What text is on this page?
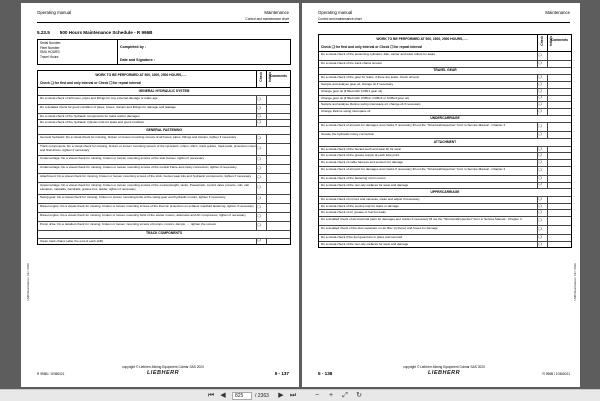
Operating manual	Maintenance
Control and maintenance chart
5.23.5 500 Hours Maintenance Schedule - R 996B
Serial Number:
Fleet Number:
SMU HOURS:
Travel Hours:
Completed by :
Date and Signature :
WORK TO BE PERFORMED AT 500, 1500, 2500 HOURS,.....
Check ❑ for first and only interval or Check ❒ for repeat interval
Check Initials
Comments
GENERAL HYDRAULIC SYSTEM
Do a visual check of all hoses, pipes and fittings for any external damage or leaks age	❑
Do a detailed check for good condition of pipes, hoses, clamps and fittings for damage and leakage	❑
Do a visual check of the hydraulic components for leaks and/or damages	❑
Do a visual check of the hydraulic cylinder rods for leaks and good condition	❑
GENERAL FASTENING
General hydraulic: Do a visual check for missing, broken or loosen mounting screws of all hoses, pipes, fittings and clamps, tighten if necessary	❑
Track components: Do a visual check for missing, broken or loosen mounting screws of the sprockets, rollers, tillers, track guides, track pads, protection covers and final drives, tighten if necessary	❑
Undercarriage: Do a visual check for missing, broken or loosen mounting screws of the side frames, tighten if necessary	❑
Undercarriage: Do a visual check for missing, broken or loosen mounting screws of the central frame and rotary connection, tighten if necessary	❑
Attachment: Do a visual check for missing, broken or loosen mounting screws of the stick, bucket wear kits and hydraulic components, tighten if necessary	❑
Uppercarriage: Do a visual check for missing, broken or loosen mounting screws of the counterweight, tanks, Powerpack, control valve console, cab, cab elevation, catwalks, handrails, grease box, ladder, tighten if necessary	❑
Swing gear: Do a visual check for missing, broken or loosen mounting bolts of the swing gear and hydraulic motors, tighten if necessary	❑
Diesel engine: Do a visual check for missing, broken or loosen mounting screws of the thermic protection on exhaust manifold fastening, tighten if necessary	❑
Diesel engine: Do a visual check for missing, broken or loosen mounting bolts of the starter motors, alternator and AC compressor, tighten if necessary	❑
Pump drive: Do a detailed check for missing, broken or loosen mounting screws of pumps, motors, damps, ..., tighten the screws	❑
TRACK COMPONENTS
Clean track chains (after the end of each shift)	❑
LMC/Dezrikation: 06 / 2020
copyright © Liebherr-Mining Equipment Colmar SAS 2020
R 996B / 10360021	LIEBHERR	5 - 137
Operating manual
Control and maintenance chart
Maintenance
WORK TO BE PERFORMED AT 500, 1500, 2500 HOURS,.....
Check ❑ for first and only interval or Check ❒ for repeat interval
Check Initials
Comments
Do a visual check of the tensioning cylinders, tiller, carrier and track rollers for leaks	❑
Do a visual check of the track chains tension	❑
TRAVEL GEAR
Do a visual check of the gear for leaks, if there are leaks, check oil level	❑
Sample and analyse gear oil, change oil if necessary	❑
Change gear oil (if filled with COBr1 gear oil)	❑
Change gear oil (if filled with COBx2, COBx3 or COBx4 gear oil)	❑
Sample and analyse lifetime swing interspace oil, change oil if necessary	❑
Change lifetime swing interspace oil	❑
UNDERCARRIAGE
Do a visual check of all parts for damages and cracks If necessary fill out the "StructuralInspection" form in Service Manual - Chapter 4	❑
Grease the hydraulic rotary connection	❑
ATTACHMENT
Do a visual check of the bucket teeth and wear kit for wear	❑
Do a visual check of the grease supply at each lube point	❑
Do a visual check of cable harness and sensors for damage	❑
Do a visual check of all parts for damages and cracks If necessary fill out the "StructuralInspection" form in Service Manual - Chapter 4	❑
Do a visual check of the fastening of pin covers	❑
Do a visual check of the non-oily surfaces for wear and damage	❑
UPPERCARRIAGE
Do a visual check of mirrors and cameras, clean and adjust if necessary	❑
Do a visual check of the service trap for leaks or damage	❑
Do a visual check of oil, grease or fuel for leaks	❑
Do a detailed check of all structural parts for damages and cracks If necessary fill out the "StructuralInspection" form in Service Manual - Chapter 4	❑
Do a detailed check of the dust separator on air filter (cyclone) and hoses for damage	❑
Do a visual check if the fuel guard are in place and secured	❑
Do a visual check of the non-oily surfaces for wear and damage	❑
LMC/Dezrikation: 06 / 2020
copyright © Liebherr-Mining Equipment Colmar SAS 2020
5 - 138	LIEBHERR	R 996B / 10360021
⏮ ◀	825	/ 2363	▶ ⏭	−	+	⤢	↻
